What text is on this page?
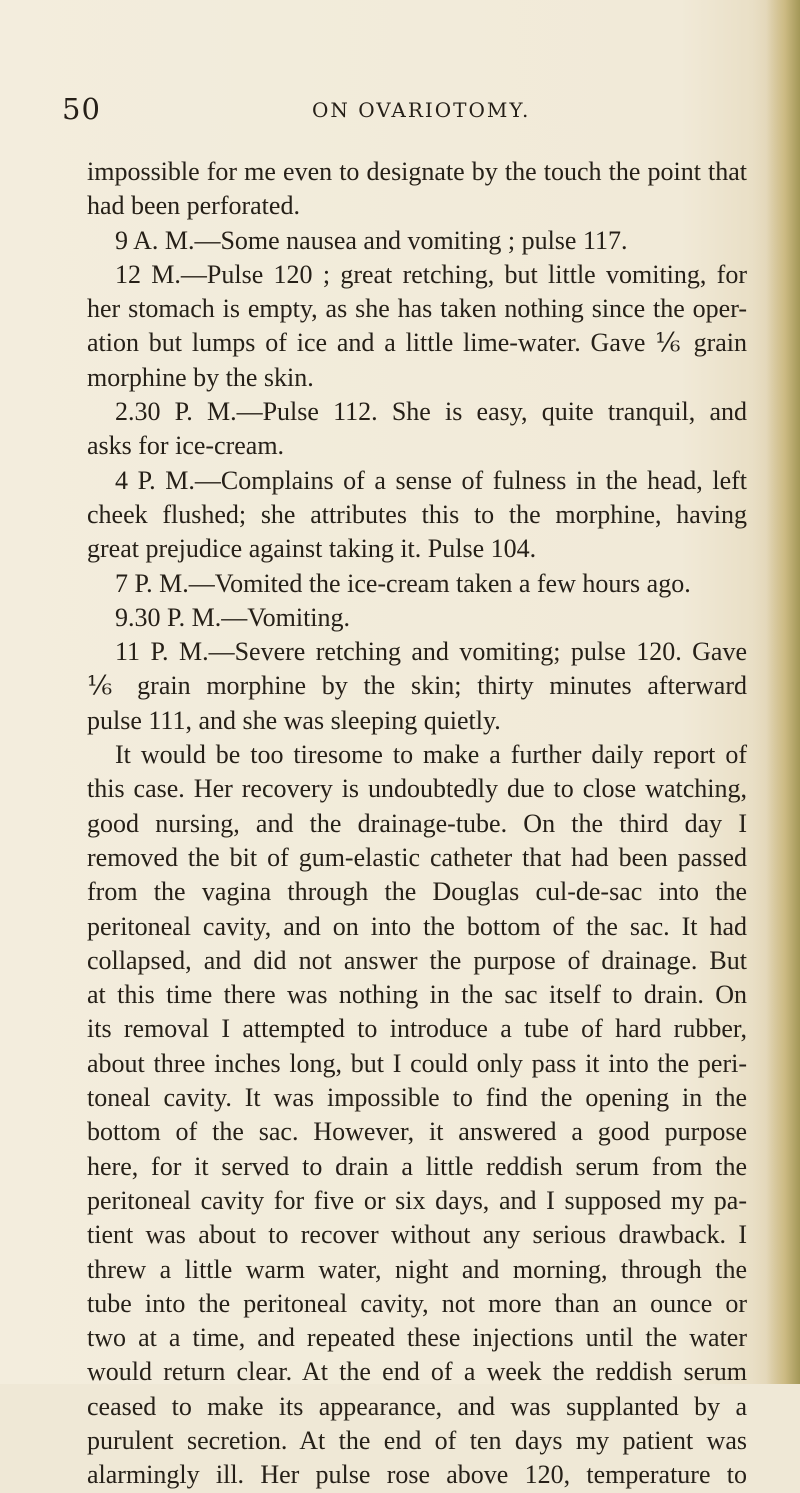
50	ON OVARIOTOMY.
impossible for me even to designate by the touch the point that
had been perforated.
9 A. M.—Some nausea and vomiting ; pulse 117.
12 M.—Pulse 120 ; great retching, but little vomiting, for
her stomach is empty, as she has taken nothing since the oper-
ation but lumps of ice and a little lime-water. Gave ⅙ grain
morphine by the skin.
2.30 P. M.—Pulse 112. She is easy, quite tranquil, and
asks for ice-cream.
4 P. M.—Complains of a sense of fulness in the head, left
cheek flushed; she attributes this to the morphine, having
great prejudice against taking it. Pulse 104.
7 P. M.—Vomited the ice-cream taken a few hours ago.
9.30 P. M.—Vomiting.
11 P. M.—Severe retching and vomiting; pulse 120. Gave
⅙ grain morphine by the skin; thirty minutes afterward
pulse 111, and she was sleeping quietly.
It would be too tiresome to make a further daily report of
this case. Her recovery is undoubtedly due to close watching,
good nursing, and the drainage-tube. On the third day I
removed the bit of gum-elastic catheter that had been passed
from the vagina through the Douglas cul-de-sac into the
peritoneal cavity, and on into the bottom of the sac. It had
collapsed, and did not answer the purpose of drainage. But
at this time there was nothing in the sac itself to drain. On
its removal I attempted to introduce a tube of hard rubber,
about three inches long, but I could only pass it into the peri-
toneal cavity. It was impossible to find the opening in the
bottom of the sac. However, it answered a good purpose
here, for it served to drain a little reddish serum from the
peritoneal cavity for five or six days, and I supposed my pa-
tient was about to recover without any serious drawback. I
threw a little warm water, night and morning, through the
tube into the peritoneal cavity, not more than an ounce or
two at a time, and repeated these injections until the water
would return clear. At the end of a week the reddish serum
ceased to make its appearance, and was supplanted by a
purulent secretion. At the end of ten days my patient was
alarmingly ill. Her pulse rose above 120, temperature to
